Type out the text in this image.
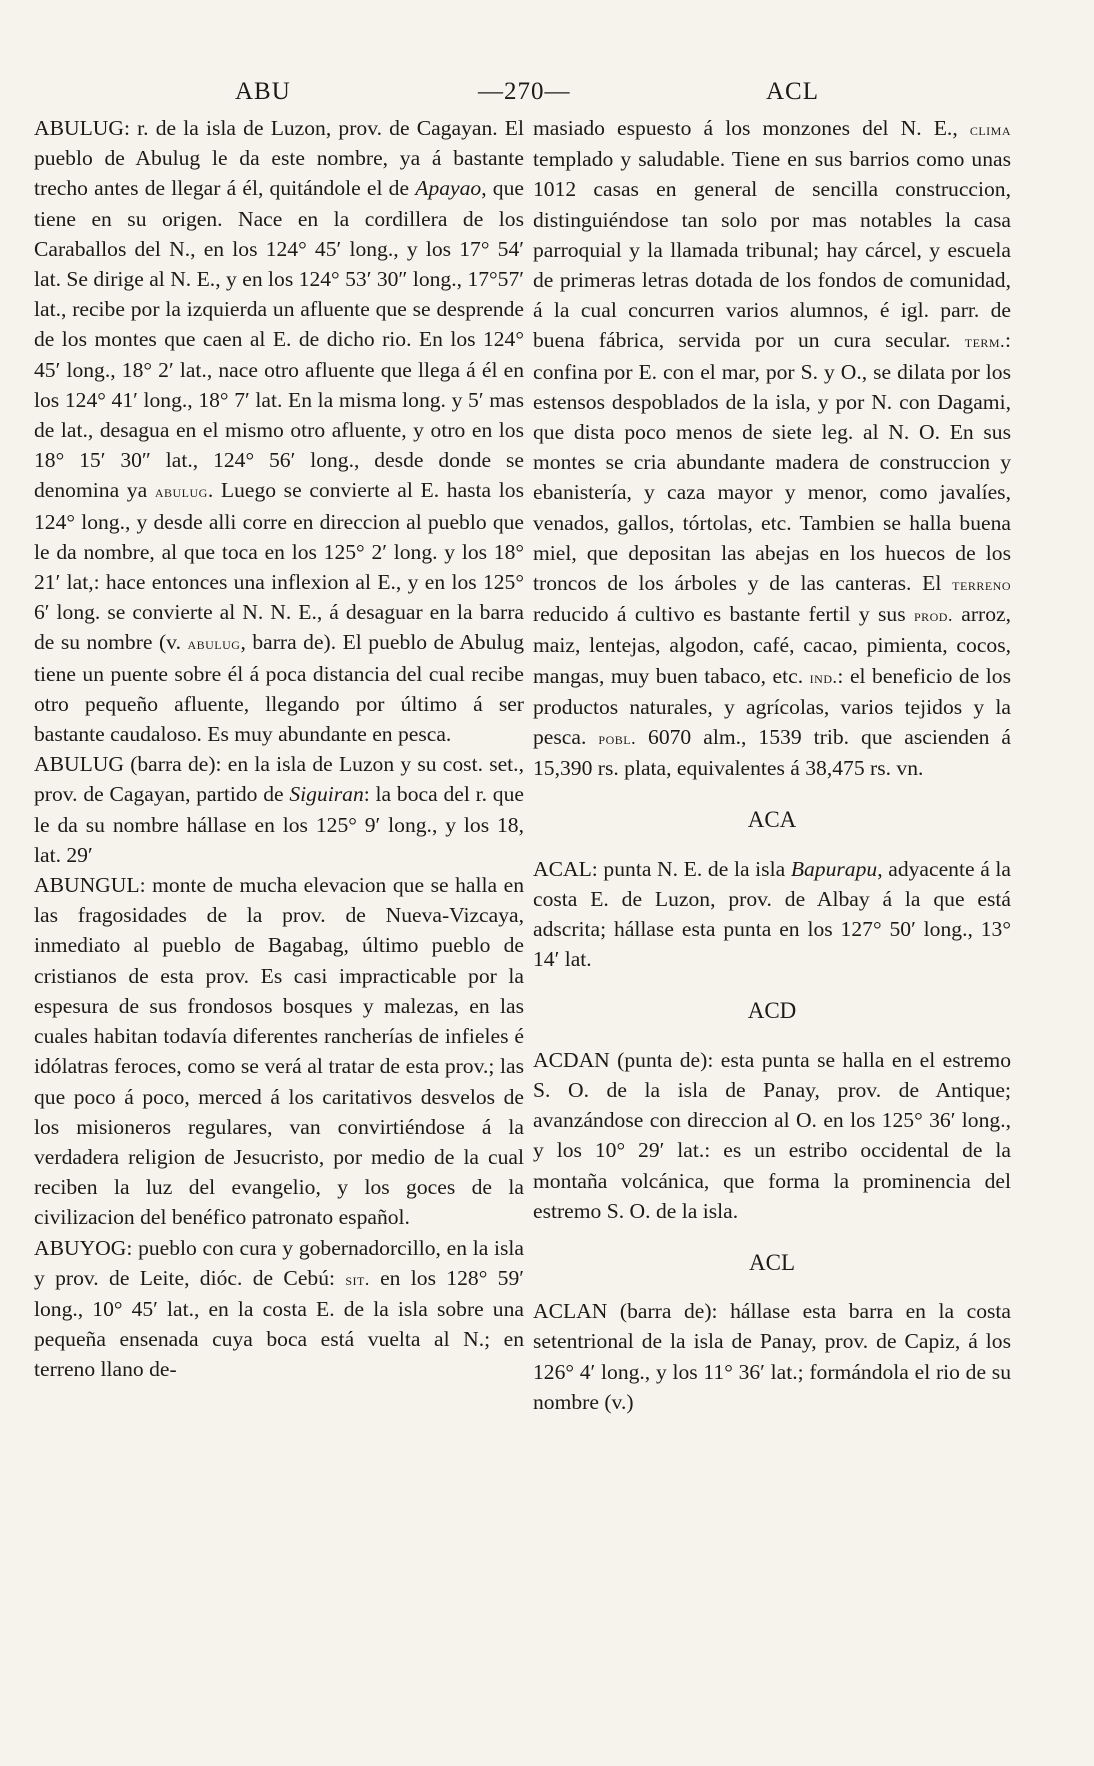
ABU	—270—	ACL

ABULUG: r. de la isla de Luzon, prov. de Cagayan. El pueblo de Abulug le da este nombre, ya á bastante trecho antes de llegar á él, quitándole el de Apayao, que tiene en su origen. Nace en la cordillera de los Caraballos del N., en los 124° 45′ long., y los 17° 54′ lat. Se dirige al N. E., y en los 124° 53′ 30″ long., 17°57′ lat., recibe por la izquierda un afluente que se desprende de los montes que caen al E. de dicho rio. En los 124° 45′ long., 18° 2′ lat., nace otro afluente que llega á él en los 124° 41′ long., 18° 7′ lat. En la misma long. y 5′ mas de lat., desagua en el mismo otro afluente, y otro en los 18° 15′ 30″ lat., 124° 56′ long., desde donde se denomina ya abulug. Luego se convierte al E. hasta los 124° long., y desde alli corre en direccion al pueblo que le da nombre, al que toca en los 125° 2′ long. y los 18° 21′ lat,: hace entonces una inflexion al E., y en los 125° 6′ long. se convierte al N. N. E., á desaguar en la barra de su nombre (v. abulug, barra de). El pueblo de Abulug tiene un puente sobre él á poca distancia del cual recibe otro pequeño afluente, llegando por último á ser bastante caudaloso. Es muy abundante en pesca.

ABULUG (barra de): en la isla de Luzon y su cost. set., prov. de Cagayan, partido de Siguiran: la boca del r. que le da su nombre hállase en los 125° 9′ long., y los 18, lat. 29′

ABUNGUL: monte de mucha elevacion que se halla en las fragosidades de la prov. de Nueva-Vizcaya, inmediato al pueblo de Bagabag, último pueblo de cristianos de esta prov. Es casi impracticable por la espesura de sus frondosos bosques y malezas, en las cuales habitan todavía diferentes rancherías de infieles é idólatras feroces, como se verá al tratar de esta prov.; las que poco á poco, merced á los caritativos desvelos de los misioneros regulares, van convirtiéndose á la verdadera religion de Jesucristo, por medio de la cual reciben la luz del evangelio, y los goces de la civilizacion del benéfico patronato español.

ABUYOG: pueblo con cura y gobernadorcillo, en la isla y prov. de Leite, dióc. de Cebú: sit. en los 128° 59′ long., 10° 45′ lat., en la costa E. de la isla sobre una pequeña ensenada cuya boca está vuelta al N.; en terreno llano de-

masiado espuesto á los monzones del N. E., clima templado y saludable. Tiene en sus barrios como unas 1012 casas en general de sencilla construccion, distinguiéndose tan solo por mas notables la casa parroquial y la llamada tribunal; hay cárcel, y escuela de primeras letras dotada de los fondos de comunidad, á la cual concurren varios alumnos, é igl. parr. de buena fábrica, servida por un cura secular. term.: confina por E. con el mar, por S. y O., se dilata por los estensos despoblados de la isla, y por N. con Dagami, que dista poco menos de siete leg. al N. O. En sus montes se cria abundante madera de construccion y ebanistería, y caza mayor y menor, como javalíes, venados, gallos, tórtolas, etc. Tambien se halla buena miel, que depositan las abejas en los huecos de los troncos de los árboles y de las canteras. El terreno reducido á cultivo es bastante fertil y sus prod. arroz, maiz, lentejas, algodon, café, cacao, pimienta, cocos, mangas, muy buen tabaco, etc. ind.: el beneficio de los productos naturales, y agrícolas, varios tejidos y la pesca. pobl. 6070 alm., 1539 trib. que ascienden á 15,390 rs. plata, equivalentes á 38,475 rs. vn.

ACA

ACAL: punta N. E. de la isla Bapurapu, adyacente á la costa E. de Luzon, prov. de Albay á la que está adscrita; hállase esta punta en los 127° 50′ long., 13° 14′ lat.

ACD

ACDAN (punta de): esta punta se halla en el estremo S. O. de la isla de Panay, prov. de Antique; avanzándose con direccion al O. en los 125° 36′ long., y los 10° 29′ lat.: es un estribo occidental de la montaña volcánica, que forma la prominencia del estremo S. O. de la isla.

ACL

ACLAN (barra de): hállase esta barra en la costa setentrional de la isla de Panay, prov. de Capiz, á los 126° 4′ long., y los 11° 36′ lat.; formándola el rio de su nombre (v.)
